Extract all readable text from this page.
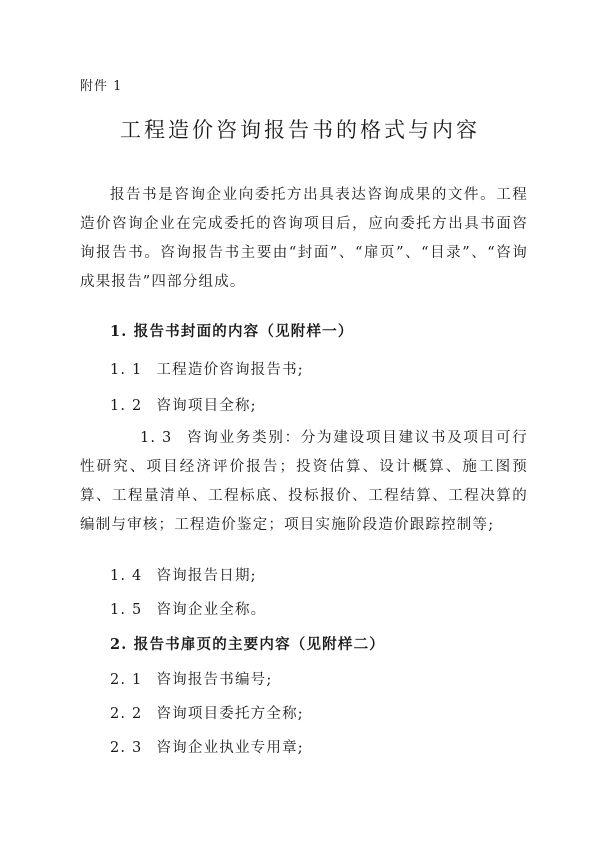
附件 1
工程造价咨询报告书的格式与内容
报告书是咨询企业向委托方出具表达咨询成果的文件。工程造价咨询企业在完成委托的咨询项目后，应向委托方出具书面咨询报告书。咨询报告书主要由“封面”、“扉页”、“目录”、“咨询成果报告”四部分组成。
1. 报告书封面的内容（见附样一）
1. 1 工程造价咨询报告书;
1. 2 咨询项目全称;
1. 3 咨询业务类别：分为建设项目建议书及项目可行性研究、项目经济评价报告；投资估算、设计概算、施工图预算、工程量清单、工程标底、投标报价、工程结算、工程决算的编制与审核；工程造价鉴定；项目实施阶段造价跟踪控制等;
1. 4 咨询报告日期;
1. 5 咨询企业全称。
2. 报告书扉页的主要内容（见附样二）
2. 1 咨询报告书编号;
2. 2 咨询项目委托方全称;
2. 3 咨询企业执业专用章;
